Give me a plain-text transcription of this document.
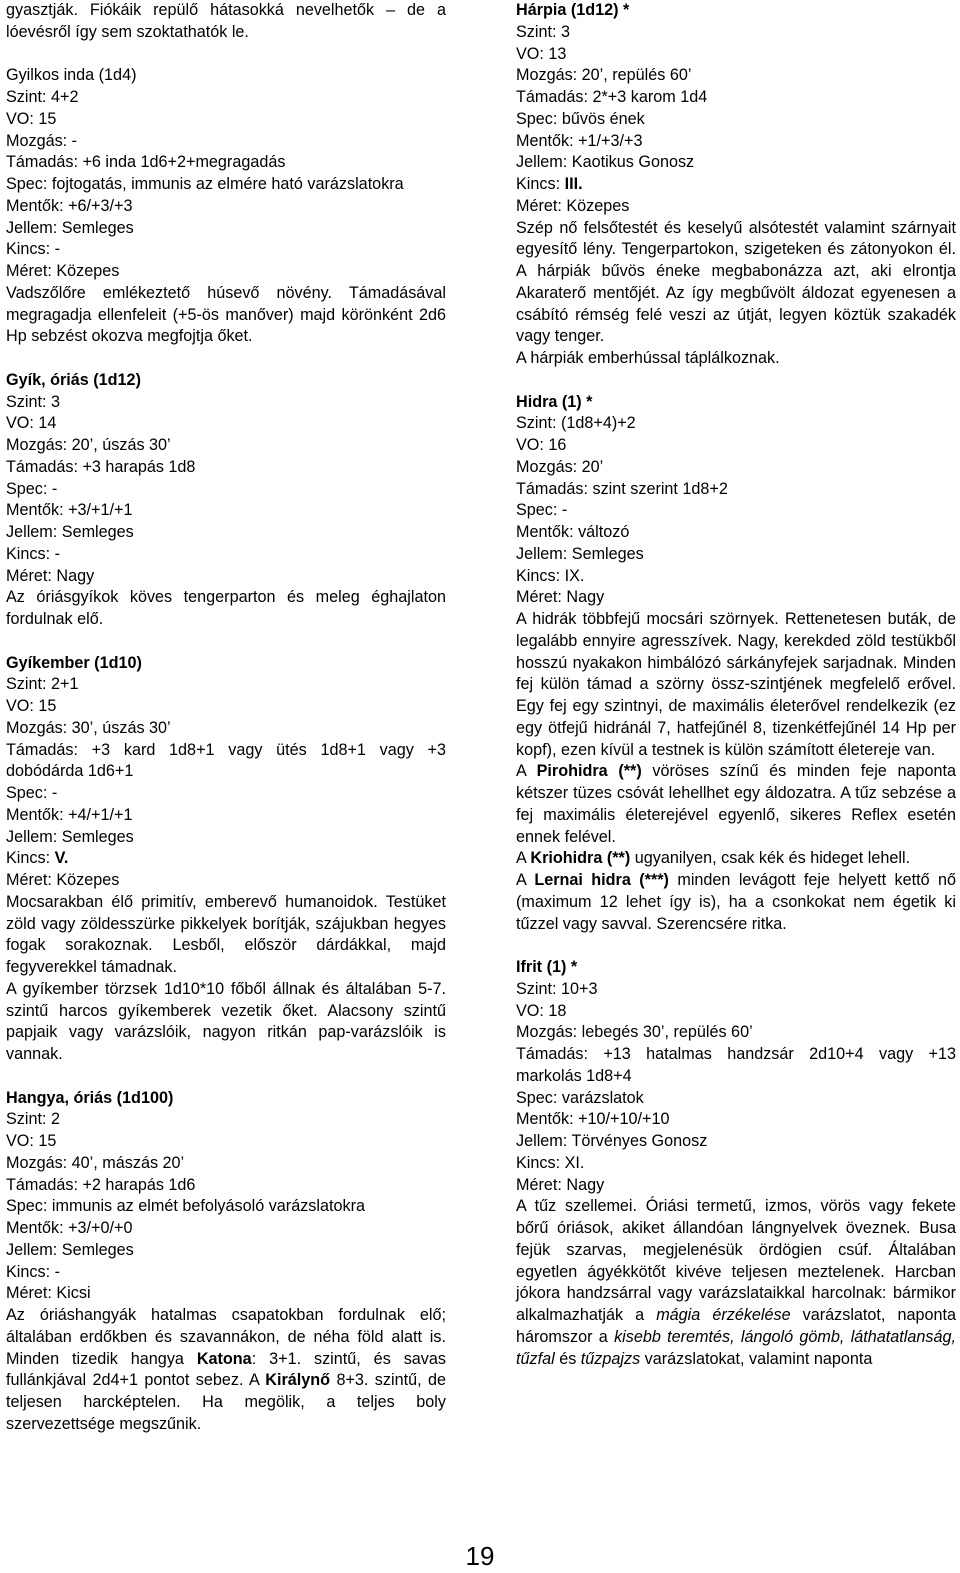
gyasztják. Fiókáik repülő hátasokká nevelhetők – de a lóevésről így sem szoktathatók le.

Gyilkos inda (1d4)

Szint: 4+2

VO: 15

Mozgás: -

Támadás: +6 inda 1d6+2+megragadás

Spec: fojtogatás, immunis az elmére ható varázslatokra

Mentők: +6/+3/+3

Jellem: Semleges

Kincs: -

Méret: Közepes

Vadszőlőre emlékeztető húsevő növény. Támadásával megragadja ellenfeleit (+5-ös manőver) majd körönként 2d6 Hp sebzést okozva megfojtja őket.

Gyík, óriás (1d12)

Szint: 3

VO: 14

Mozgás: 20’, úszás 30’

Támadás: +3 harapás 1d8

Spec: -

Mentők: +3/+1/+1

Jellem: Semleges

Kincs: -

Méret: Nagy

Az óriásgyíkok köves tengerparton és meleg éghajlaton fordulnak elő.

Gyíkember (1d10)

Szint: 2+1

VO: 15

Mozgás: 30’, úszás 30’

Támadás: +3 kard 1d8+1 vagy ütés 1d8+1 vagy +3 dobódárda 1d6+1

Spec: -

Mentők: +4/+1/+1

Jellem: Semleges

Kincs: V.

Méret: Közepes

Mocsarakban élő primitív, emberevő humanoidok. Testüket zöld vagy zöldesszürke pikkelyek borítják, szájukban hegyes fogak sorakoznak. Lesből, először dárdákkal, majd fegyverekkel támadnak.

A gyíkember törzsek 1d10*10 főből állnak és általában 5-7. szintű harcos gyíkemberek vezetik őket. Alacsony szintű papjaik vagy varázslóik, nagyon ritkán pap-varázslóik is vannak.

Hangya, óriás (1d100)

Szint: 2

VO: 15

Mozgás: 40’, mászás 20’

Támadás: +2 harapás 1d6

Spec: immunis az elmét befolyásoló varázslatokra

Mentők: +3/+0/+0

Jellem: Semleges

Kincs: -

Méret: Kicsi

Az óriáshangyák hatalmas csapatokban fordulnak elő; általában erdőkben és szavannákon, de néha föld alatt is. Minden tizedik hangya Katona: 3+1. szintű, és savas fullánkjával 2d4+1 pontot sebez. A Királynő 8+3. szintű, de teljesen harcképtelen. Ha megölik, a teljes boly szervezettsége megszűnik.

Hárpia (1d12) *

Szint: 3

VO: 13

Mozgás: 20’, repülés 60’

Támadás: 2*+3 karom 1d4

Spec: bűvös ének

Mentők: +1/+3/+3

Jellem: Kaotikus Gonosz

Kincs: III.

Méret: Közepes

Szép nő felsőtestét és keselyű alsótestét valamint szárnyait egyesítő lény. Tengerpartokon, szigeteken és zátonyokon él. A hárpiák bűvös éneke megbabonázza azt, aki elrontja Akaraterő mentőjét. Az így megbűvölt áldozat egyenesen a csábító rémség felé veszi az útját, legyen köztük szakadék vagy tenger.

A hárpiák emberhússal táplálkoznak.

Hidra (1) *

Szint: (1d8+4)+2

VO: 16

Mozgás: 20’

Támadás: szint szerint 1d8+2

Spec: -

Mentők: változó

Jellem: Semleges

Kincs: IX.

Méret: Nagy

A hidrák többfejű mocsári szörnyek. Rettenetesen buták, de legalább ennyire agresszívek. Nagy, kerekded zöld testükből hosszú nyakakon himbálózó sárkányfejek sarjadnak. Minden fej külön támad a szörny össz-szintjének megfelelő erővel. Egy fej egy szintnyi, de maximális életerővel rendelkezik (ez egy ötfejű hidránál 7, hatfejűnél 8, tizenkétfejűnél 14 Hp per kopf), ezen kívül a testnek is külön számított életereje van.

A Pirohidra (**) vöröses színű és minden feje naponta kétszer tüzes csóvát lehellhet egy áldozatra. A tűz sebzése a fej maximális életerejével egyenlő, sikeres Reflex esetén ennek felével.

A Kriohidra (**) ugyanilyen, csak kék és hideget lehell.

A Lernai hidra (***) minden levágott feje helyett kettő nő (maximum 12 lehet így is), ha a csonkokat nem égetik ki tűzzel vagy savval. Szerencsére ritka.

Ifrit (1) *

Szint: 10+3

VO: 18

Mozgás: lebegés 30’, repülés 60’

Támadás: +13 hatalmas handzsár 2d10+4 vagy +13 markolás 1d8+4

Spec: varázslatok

Mentők: +10/+10/+10

Jellem: Törvényes Gonosz

Kincs: XI.

Méret: Nagy

A tűz szellemei. Óriási termetű, izmos, vörös vagy fekete bőrű óriások, akiket állandóan lángnyelvek öveznek. Busa fejük szarvas, megjelenésük ördögien csúf. Általában egyetlen ágyékkötőt kivéve teljesen meztelenek. Harcban jókora handzsárral vagy varázslataikkal harcolnak: bármikor alkalmazhatják a mágia érzékelése varázslatot, naponta háromszor a kisebb teremtés, lángoló gömb, láthatatlanság, tűzfal és tűzpajzs varázslatokat, valamint naponta

19
